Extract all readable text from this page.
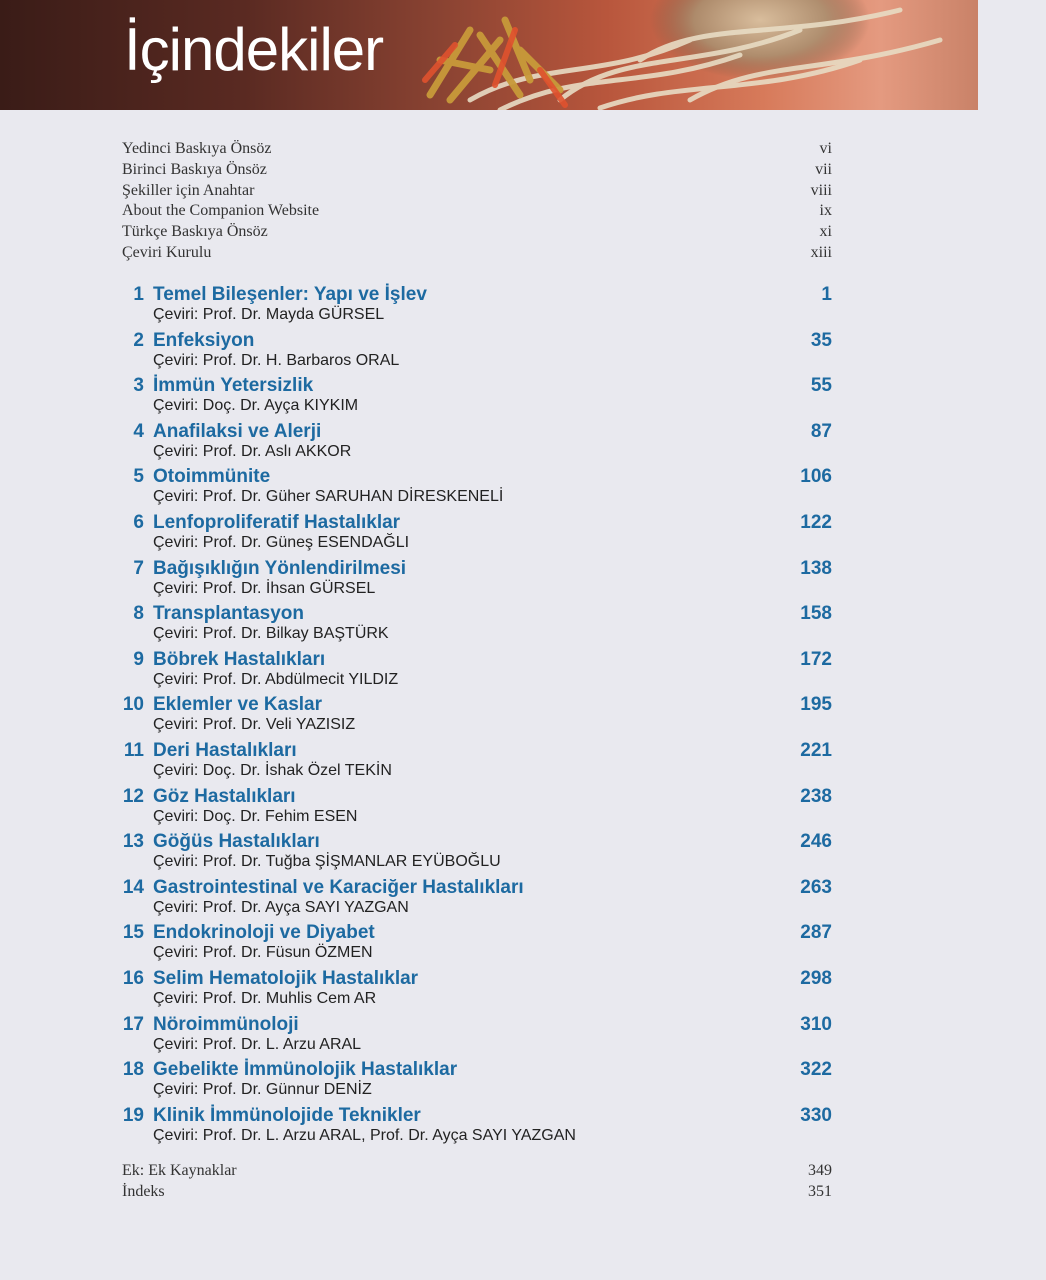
İçindekiler
Yedinci Baskıya Önsöz	vi
Birinci Baskıya Önsöz	vii
Şekiller için Anahtar	viii
About the Companion Website	ix
Türkçe Baskıya Önsöz	xi
Çeviri Kurulu	xiii
1 Temel Bileşenler: Yapı ve İşlev	1
Çeviri: Prof. Dr. Mayda GÜRSEL
2 Enfeksiyon	35
Çeviri: Prof. Dr. H. Barbaros ORAL
3 İmmün Yetersizlik	55
Çeviri: Doç. Dr. Ayça KIYKIM
4 Anafilaksi ve Alerji	87
Çeviri: Prof. Dr. Aslı AKKOR
5 Otoimmünite	106
Çeviri: Prof. Dr. Güher SARUHAN DİRESKENELİ
6 Lenfoproliferatif Hastalıklar	122
Çeviri: Prof. Dr. Güneş ESENDAĞLI
7 Bağışıklığın Yönlendirilmesi	138
Çeviri: Prof. Dr. İhsan GÜRSEL
8 Transplantasyon	158
Çeviri: Prof. Dr. Bilkay BAŞTÜRK
9 Böbrek Hastalıkları	172
Çeviri: Prof. Dr. Abdülmecit YILDIZ
10 Eklemler ve Kaslar	195
Çeviri: Prof. Dr. Veli YAZISIZ
11 Deri Hastalıkları	221
Çeviri: Doç. Dr. İshak Özel TEKİN
12 Göz Hastalıkları	238
Çeviri: Doç. Dr. Fehim ESEN
13 Göğüs Hastalıkları	246
Çeviri: Prof. Dr. Tuğba ŞİŞMANLAR EYÜBOĞLU
14 Gastrointestinal ve Karaciğer Hastalıkları	263
Çeviri: Prof. Dr. Ayça SAYI YAZGAN
15 Endokrinoloji ve Diyabet	287
Çeviri: Prof. Dr. Füsun ÖZMEN
16 Selim Hematolojik Hastalıklar	298
Çeviri: Prof. Dr. Muhlis Cem AR
17 Nöroimmünoloji	310
Çeviri: Prof. Dr. L. Arzu ARAL
18 Gebelikte İmmünolojik Hastalıklar	322
Çeviri: Prof. Dr. Günnur DENİZ
19 Klinik İmmünolojide Teknikler	330
Çeviri: Prof. Dr. L. Arzu ARAL, Prof. Dr. Ayça SAYI YAZGAN
Ek: Ek Kaynaklar	349
İndeks	351
